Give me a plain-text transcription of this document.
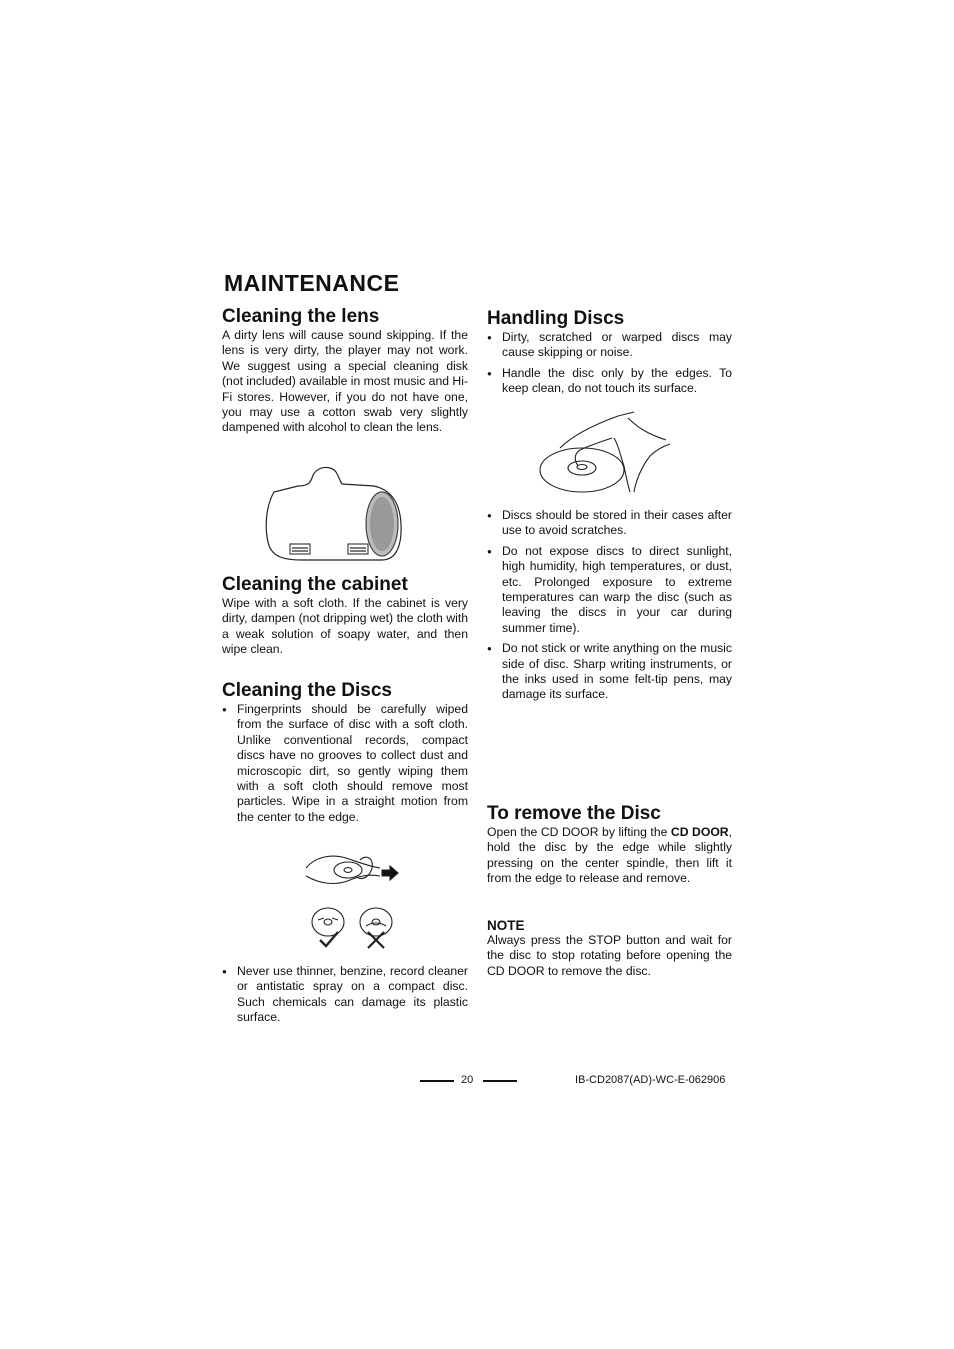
MAINTENANCE
Cleaning the lens

A dirty lens will cause sound skipping. If the lens is very dirty, the player may not work. We suggest using a special cleaning disk (not included) available in most music and Hi-Fi stores. However, if you do not have one, you may use a cotton swab very slightly dampened with alcohol to clean the lens.

Cleaning the cabinet

Wipe with a soft cloth. If the cabinet is very dirty, dampen (not dripping wet) the cloth with a weak solution of soapy water, and then wipe clean.

Cleaning the Discs
● Fingerprints should be carefully wiped from the surface of disc with a soft cloth. Unlike conventional records, compact discs have no grooves to collect dust and microscopic dirt, so gently wiping them with a soft cloth should remove most particles. Wipe in a straight motion from the center to the edge.
● Never use thinner, benzine, record cleaner or antistatic spray on a compact disc. Such chemicals can damage its plastic surface.
Handling Discs
● Dirty, scratched or warped discs may cause skipping or noise.
● Handle the disc only by the edges. To keep clean, do not touch its surface.
● Discs should be stored in their cases after use to avoid scratches.
● Do not expose discs to direct sunlight, high humidity, high temperatures, or dust, etc. Prolonged exposure to extreme temperatures can warp the disc (such as leaving the discs in your car during summer time).
● Do not stick or write anything on the music side of disc. Sharp writing instruments, or the inks used in some felt-tip pens, may damage its surface.
To remove the Disc

Open the CD DOOR by lifting the CD DOOR, hold the disc by the edge while slightly pressing on the center spindle, then lift it from the edge to release and remove.

NOTE

Always press the STOP button and wait for the disc to stop rotating before opening the CD DOOR to remove the disc.

20	IB-CD2087(AD)-WC-E-062906
